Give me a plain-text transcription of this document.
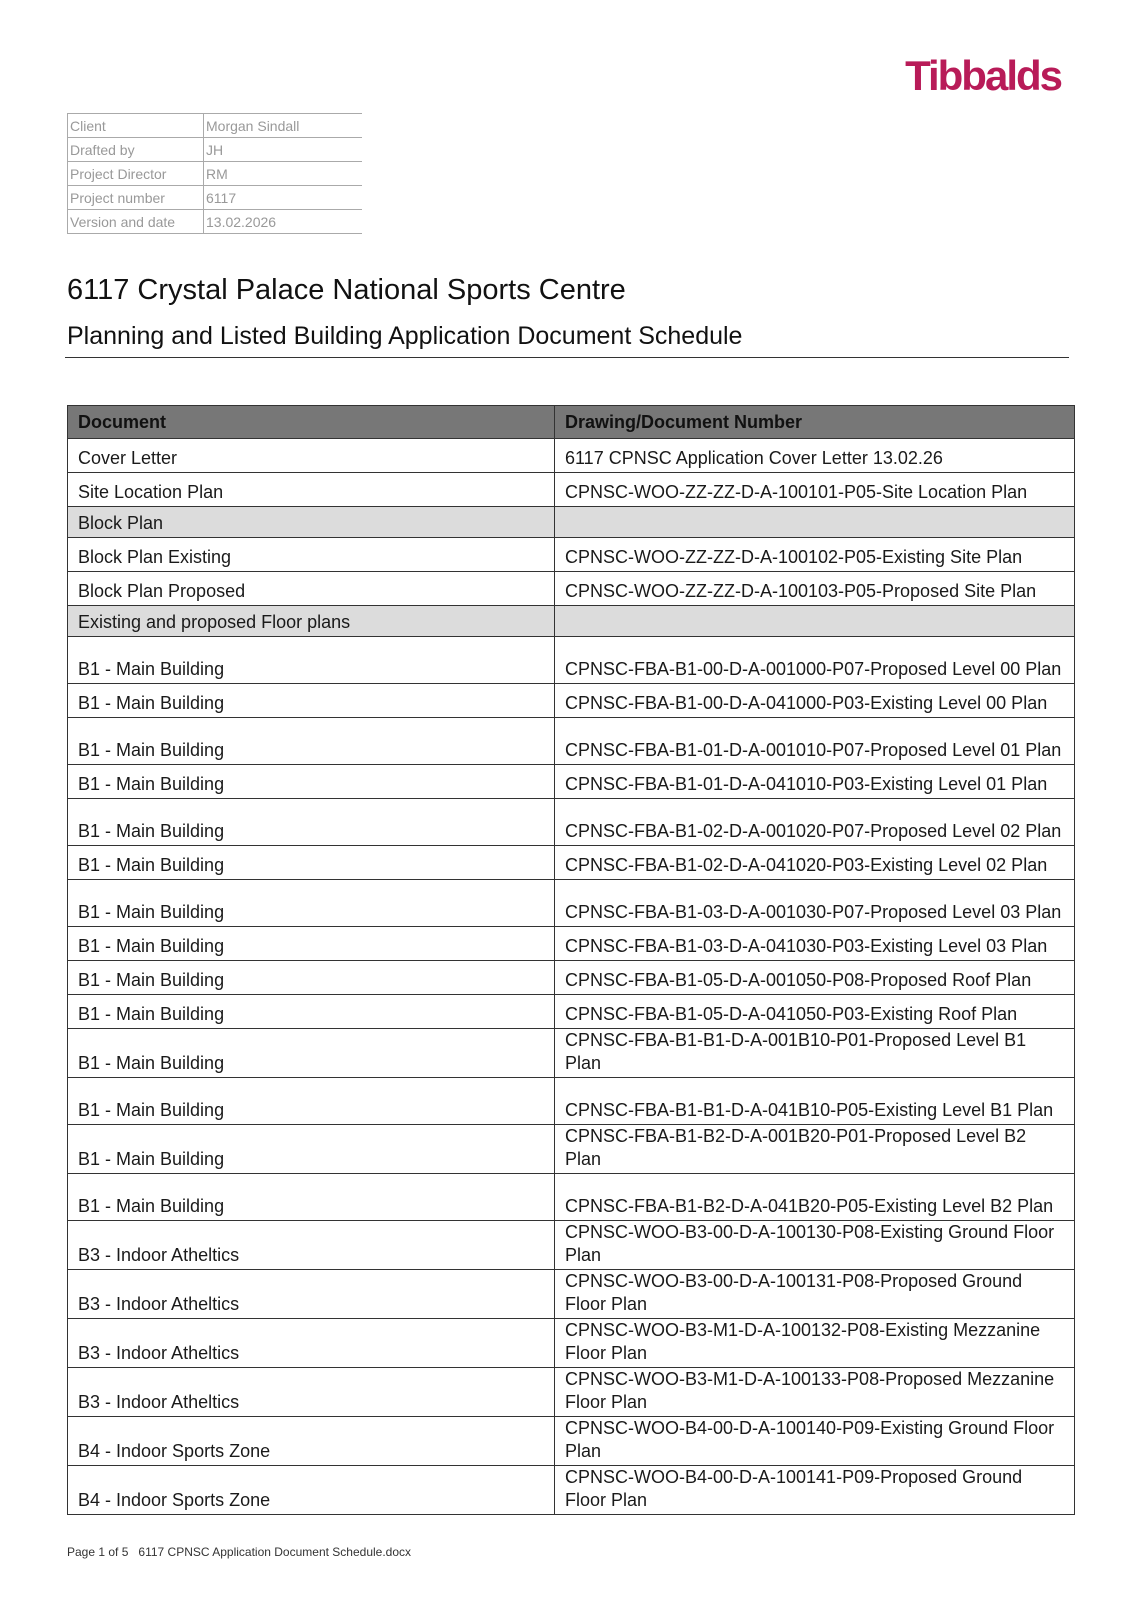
Tibbalds
Client	Morgan Sindall
Drafted by	JH
Project Director	RM
Project number	6117
Version and date	13.02.2026
6117 Crystal Palace National Sports Centre
Planning and Listed Building Application Document Schedule
Document	Drawing/Document Number
Cover Letter	6117 CPNSC Application Cover Letter 13.02.26
Site Location Plan	CPNSC-WOO-ZZ-ZZ-D-A-100101-P05-Site Location Plan
Block Plan	
Block Plan Existing	CPNSC-WOO-ZZ-ZZ-D-A-100102-P05-Existing Site Plan
Block Plan Proposed	CPNSC-WOO-ZZ-ZZ-D-A-100103-P05-Proposed Site Plan
Existing and proposed Floor plans	
B1 - Main Building	CPNSC-FBA-B1-00-D-A-001000-P07-Proposed Level 00 Plan
B1 - Main Building	CPNSC-FBA-B1-00-D-A-041000-P03-Existing Level 00 Plan
B1 - Main Building	CPNSC-FBA-B1-01-D-A-001010-P07-Proposed Level 01 Plan
B1 - Main Building	CPNSC-FBA-B1-01-D-A-041010-P03-Existing Level 01 Plan
B1 - Main Building	CPNSC-FBA-B1-02-D-A-001020-P07-Proposed Level 02 Plan
B1 - Main Building	CPNSC-FBA-B1-02-D-A-041020-P03-Existing Level 02 Plan
B1 - Main Building	CPNSC-FBA-B1-03-D-A-001030-P07-Proposed Level 03 Plan
B1 - Main Building	CPNSC-FBA-B1-03-D-A-041030-P03-Existing Level 03 Plan
B1 - Main Building	CPNSC-FBA-B1-05-D-A-001050-P08-Proposed Roof Plan
B1 - Main Building	CPNSC-FBA-B1-05-D-A-041050-P03-Existing Roof Plan
B1 - Main Building	CPNSC-FBA-B1-B1-D-A-001B10-P01-Proposed Level B1 Plan
B1 - Main Building	CPNSC-FBA-B1-B1-D-A-041B10-P05-Existing Level B1 Plan
B1 - Main Building	CPNSC-FBA-B1-B2-D-A-001B20-P01-Proposed Level B2 Plan
B1 - Main Building	CPNSC-FBA-B1-B2-D-A-041B20-P05-Existing Level B2 Plan
B3 - Indoor Atheltics	CPNSC-WOO-B3-00-D-A-100130-P08-Existing Ground Floor Plan
B3 - Indoor Atheltics	CPNSC-WOO-B3-00-D-A-100131-P08-Proposed Ground Floor Plan
B3 - Indoor Atheltics	CPNSC-WOO-B3-M1-D-A-100132-P08-Existing Mezzanine Floor Plan
B3 - Indoor Atheltics	CPNSC-WOO-B3-M1-D-A-100133-P08-Proposed Mezzanine Floor Plan
B4 - Indoor Sports Zone	CPNSC-WOO-B4-00-D-A-100140-P09-Existing Ground Floor Plan
B4 - Indoor Sports Zone	CPNSC-WOO-B4-00-D-A-100141-P09-Proposed Ground Floor Plan
Page 1 of 5 6117 CPNSC Application Document Schedule.docx
